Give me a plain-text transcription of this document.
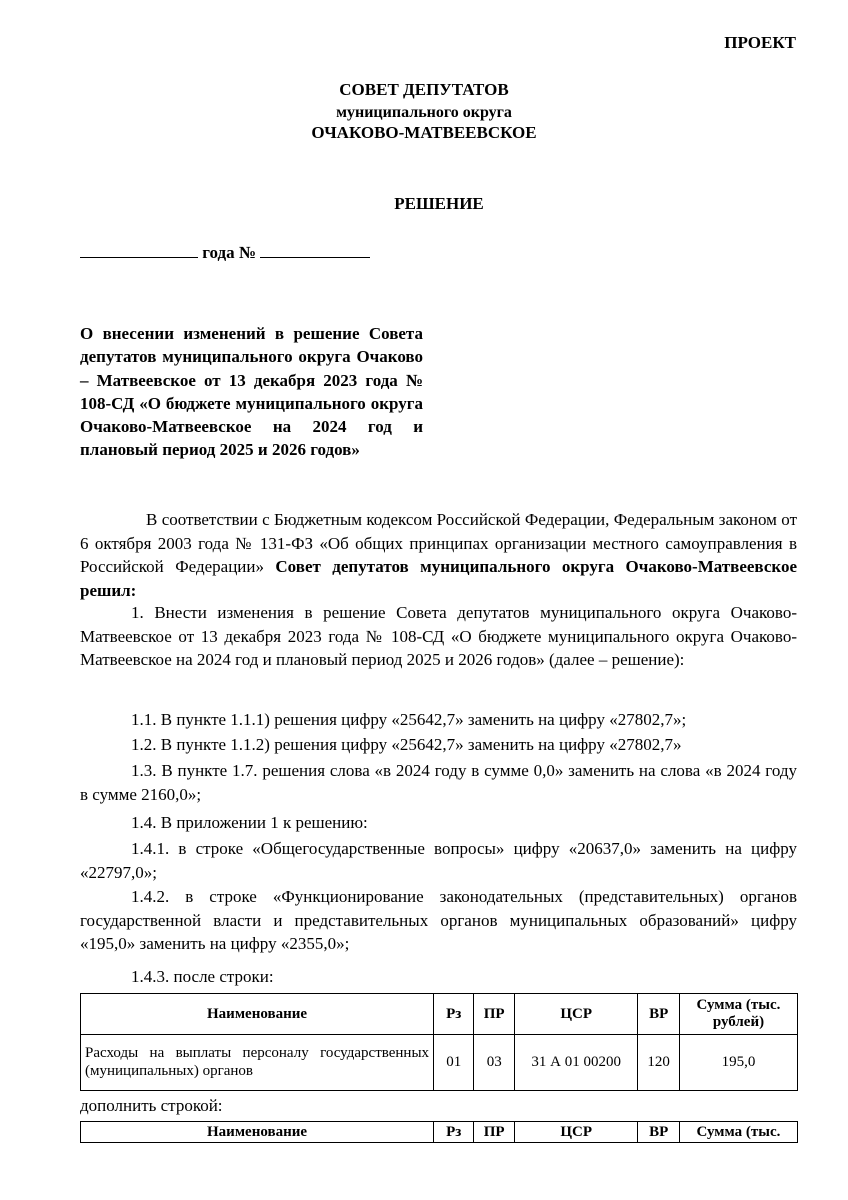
ПРОЕКТ
СОВЕТ ДЕПУТАТОВ
муниципального округа
ОЧАКОВО-МАТВЕЕВСКОЕ
РЕШЕНИЕ
года №
О внесении изменений в решение Совета депутатов муниципального округа Очаково – Матвеевское от 13 декабря 2023 года № 108-СД «О бюджете муниципального округа Очаково-Матвеевское на 2024 год и плановый период 2025 и 2026 годов»
В соответствии с Бюджетным кодексом Российской Федерации, Федеральным законом от 6 октября 2003 года № 131-ФЗ «Об общих принципах организации местного самоуправления в Российской Федерации» Совет депутатов муниципального округа Очаково-Матвеевское решил:
1. Внести изменения в решение Совета депутатов муниципального округа Очаково-Матвеевское от 13 декабря 2023 года № 108-СД «О бюджете муниципального округа Очаково-Матвеевское на 2024 год и плановый период 2025 и 2026 годов» (далее – решение):
1.1. В пункте 1.1.1) решения цифру «25642,7» заменить на цифру «27802,7»;
1.2. В пункте 1.1.2) решения цифру «25642,7» заменить на цифру «27802,7»
1.3. В пункте 1.7. решения слова «в 2024 году в сумме 0,0» заменить на слова «в 2024 году в сумме 2160,0»;
1.4. В приложении 1 к решению:
1.4.1. в строке «Общегосударственные вопросы» цифру «20637,0» заменить на цифру «22797,0»;
1.4.2. в строке «Функционирование законодательных (представительных) органов государственной власти и представительных органов муниципальных образований» цифру «195,0» заменить на цифру «2355,0»;
1.4.3. после строки:
Наименование	Рз	ПР	ЦСР	ВР	Сумма (тыс. рублей)
Расходы на выплаты персоналу государственных (муниципальных) органов	01	03	31 А 01 00200	120	195,0
дополнить строкой:
Наименование	Рз	ПР	ЦСР	ВР	Сумма (тыс.
